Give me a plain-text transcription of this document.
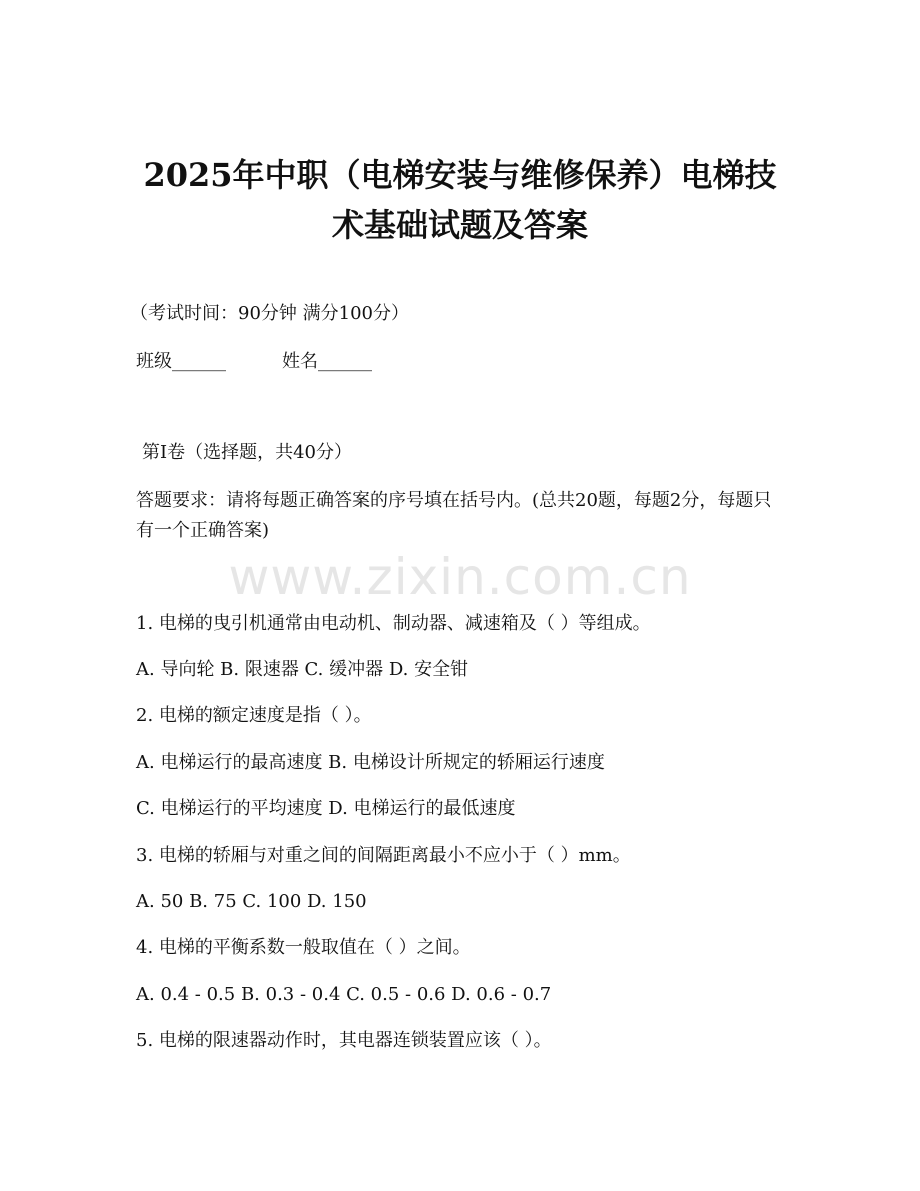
www.zixin.com.cn
2025年中职（电梯安装与维修保养）电梯技
术基础试题及答案
（考试时间：90分钟 满分100分）
班级______	姓名______
第Ⅰ卷（选择题，共40分）
答题要求：请将每题正确答案的序号填在括号内。(总共20题，每题2分，每题只有一个正确答案)
1. 电梯的曳引机通常由电动机、制动器、减速箱及（ ）等组成。
A. 导向轮 B. 限速器 C. 缓冲器 D. 安全钳
2. 电梯的额定速度是指（ ）。
A. 电梯运行的最高速度 B. 电梯设计所规定的轿厢运行速度
C. 电梯运行的平均速度 D. 电梯运行的最低速度
3. 电梯的轿厢与对重之间的间隔距离最小不应小于（ ）mm。
A. 50 B. 75 C. 100 D. 150
4. 电梯的平衡系数一般取值在（ ）之间。
A. 0.4 - 0.5 B. 0.3 - 0.4 C. 0.5 - 0.6 D. 0.6 - 0.7
5. 电梯的限速器动作时，其电器连锁装置应该（ ）。
